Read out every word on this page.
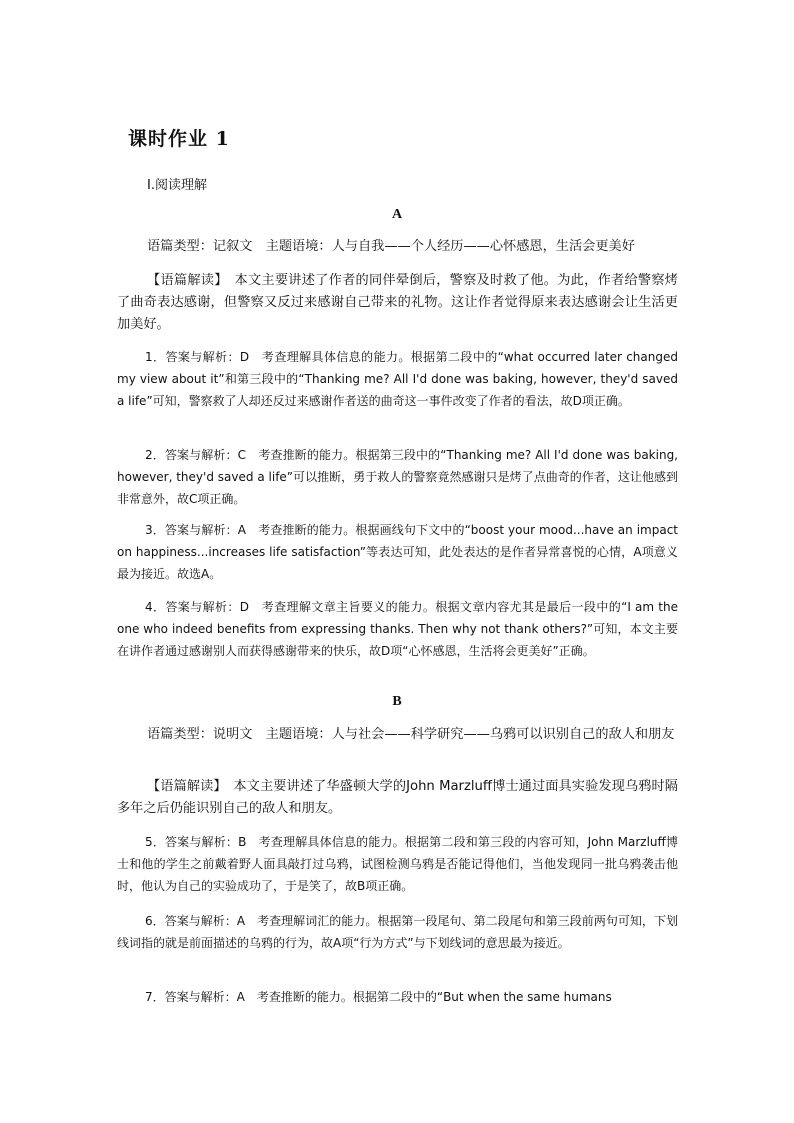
课时作业 1
Ⅰ.阅读理解
A
语篇类型：记叙文　主题语境：人与自我——个人经历——心怀感恩，生活会更美好
【语篇解读】　本文主要讲述了作者的同伴晕倒后，警察及时救了他。为此，作者给警察烤了曲奇表达感谢，但警察又反过来感谢自己带来的礼物。这让作者觉得原来表达感谢会让生活更加美好。
1．答案与解析：D　考查理解具体信息的能力。根据第二段中的“what occurred later changed my view about it”和第三段中的“Thanking me? All I'd done was baking, however, they'd saved a life”可知，警察救了人却还反过来感谢作者送的曲奇这一事件改变了作者的看法，故D项正确。
2．答案与解析：C　考查推断的能力。根据第三段中的“Thanking me? All I'd done was baking, however, they'd saved a life”可以推断，勇于救人的警察竟然感谢只是烤了点曲奇的作者，这让他感到非常意外，故C项正确。
3．答案与解析：A　考查推断的能力。根据画线句下文中的“boost your mood...have an impact on happiness...increases life satisfaction”等表达可知，此处表达的是作者异常喜悦的心情，A项意义最为接近。故选A。
4．答案与解析：D　考查理解文章主旨要义的能力。根据文章内容尤其是最后一段中的“I am the one who indeed benefits from expressing thanks. Then why not thank others?”可知，本文主要在讲作者通过感谢别人而获得感谢带来的快乐，故D项“心怀感恩，生活将会更美好”正确。
B
语篇类型：说明文　主题语境：人与社会——科学研究——乌鸦可以识别自己的敌人和朋友
【语篇解读】　本文主要讲述了华盛顿大学的John Marzluff博士通过面具实验发现乌鸦时隔多年之后仍能识别自己的敌人和朋友。
5．答案与解析：B　考查理解具体信息的能力。根据第二段和第三段的内容可知，John Marzluff博士和他的学生之前戴着野人面具敲打过乌鸦，试图检测乌鸦是否能记得他们，当他发现同一批乌鸦袭击他时，他认为自己的实验成功了，于是笑了，故B项正确。
6．答案与解析：A　考查理解词汇的能力。根据第一段尾句、第二段尾句和第三段前两句可知，下划线词指的就是前面描述的乌鸦的行为，故A项“行为方式”与下划线词的意思最为接近。
7．答案与解析：A　考查推断的能力。根据第二段中的“But when the same humans
